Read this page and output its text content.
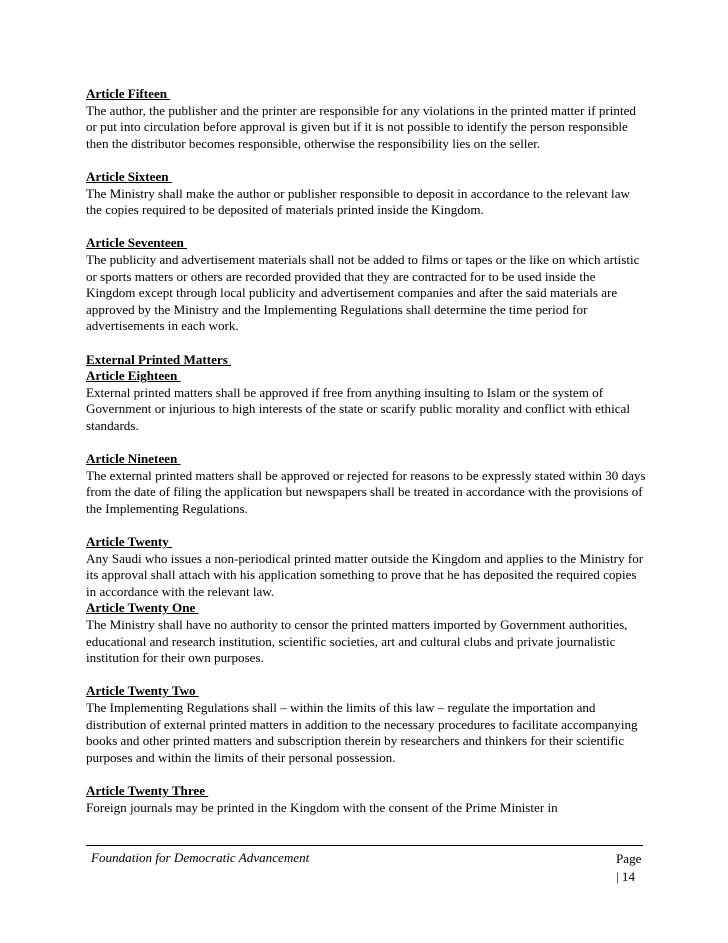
Article Fifteen

The author, the publisher and the printer are responsible for any violations in the printed matter if printed or put into circulation before approval is given but if it is not possible to identify the person responsible then the distributor becomes responsible, otherwise the responsibility lies on the seller.

Article Sixteen

The Ministry shall make the author or publisher responsible to deposit in accordance to the relevant law the copies required to be deposited of materials printed inside the Kingdom.

Article Seventeen

The publicity and advertisement materials shall not be added to films or tapes or the like on which artistic or sports matters or others are recorded provided that they are contracted for to be used inside the Kingdom except through local publicity and advertisement companies and after the said materials are approved by the Ministry and the Implementing Regulations shall determine the time period for advertisements in each work.

External Printed Matters
Article Eighteen

External printed matters shall be approved if free from anything insulting to Islam or the system of Government or injurious to high interests of the state or scarify public morality and conflict with ethical standards.

Article Nineteen

The external printed matters shall be approved or rejected for reasons to be expressly stated within 30 days from the date of filing the application but newspapers shall be treated in accordance with the provisions of the Implementing Regulations.

Article Twenty

Any Saudi who issues a non-periodical printed matter outside the Kingdom and applies to the Ministry for its approval shall attach with his application something to prove that he has deposited the required copies in accordance with the relevant law.

Article Twenty One

The Ministry shall have no authority to censor the printed matters imported by Government authorities, educational and research institution, scientific societies, art and cultural clubs and private journalistic institution for their own purposes.

Article Twenty Two

The Implementing Regulations shall – within the limits of this law – regulate the importation and distribution of external printed matters in addition to the necessary procedures to facilitate accompanying books and other printed matters and subscription therein by researchers and thinkers for their scientific purposes and within the limits of their personal possession.

Article Twenty Three

Foreign journals may be printed in the Kingdom with the consent of the Prime Minister in

Foundation for Democratic Advancement	Page
| 14
